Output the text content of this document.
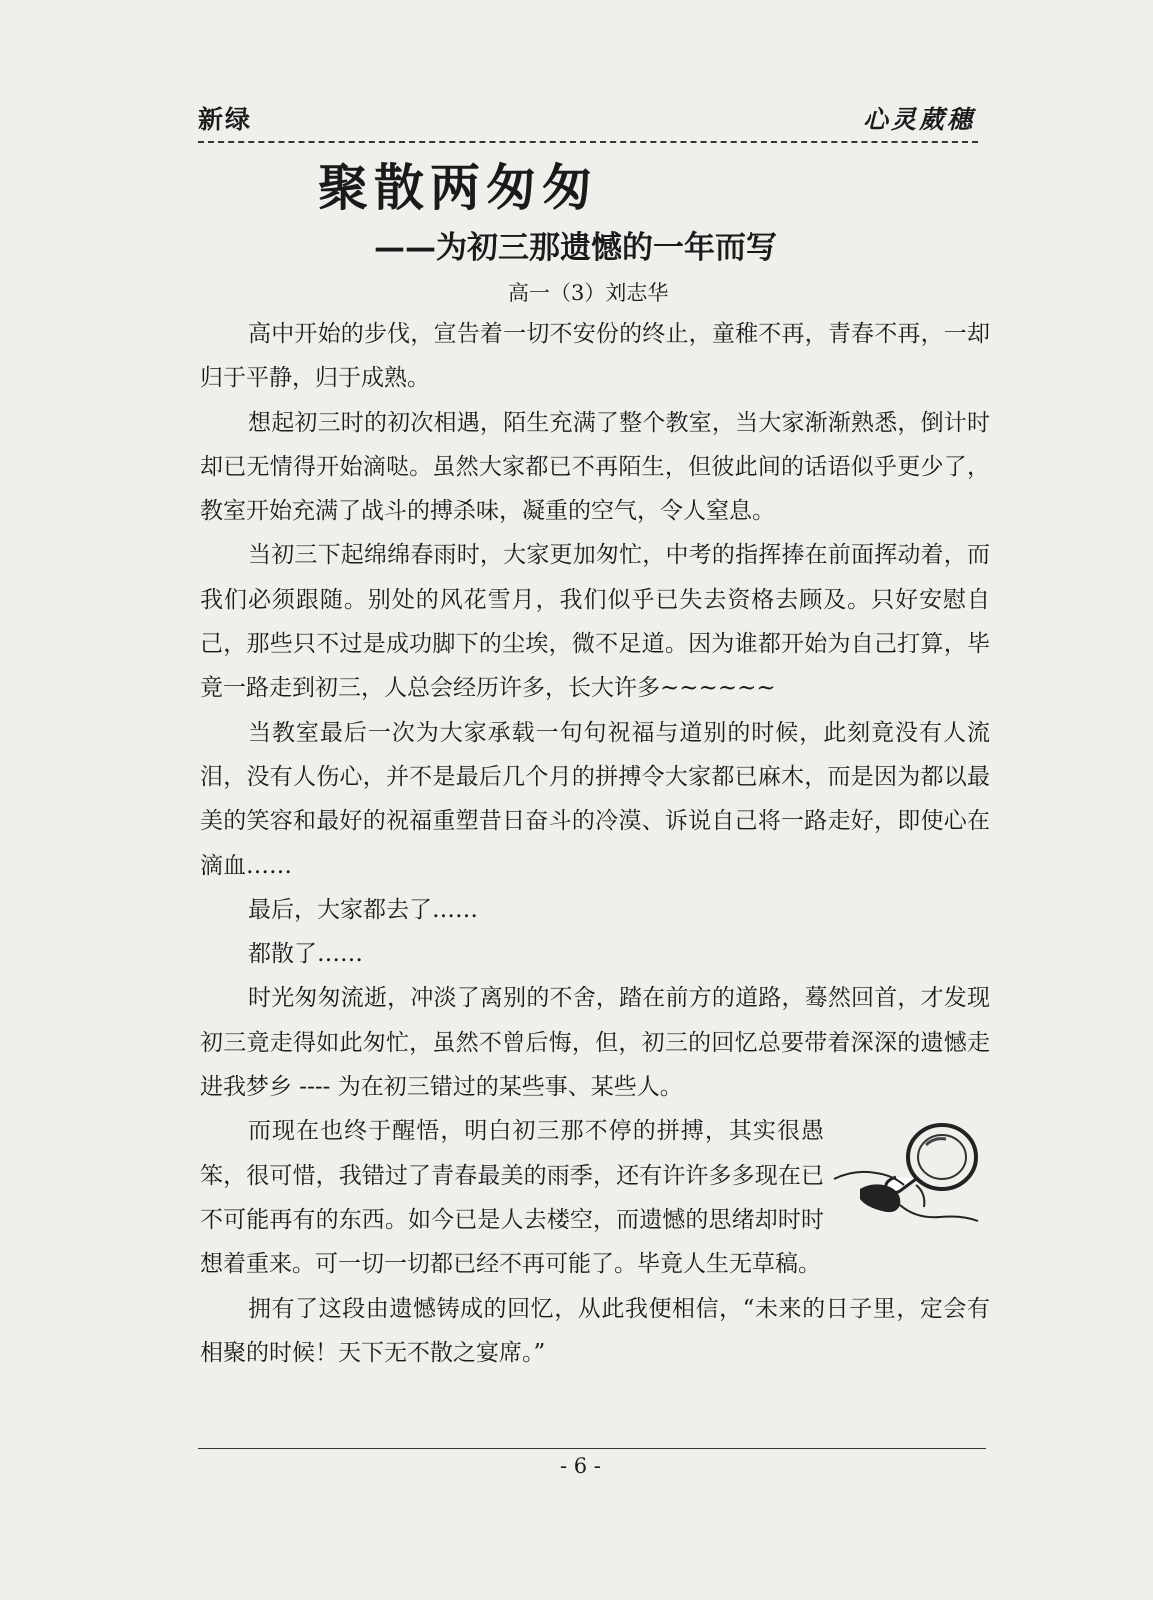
新绿	心灵葳穗
聚散两匆匆
——为初三那遗憾的一年而写
高一（3）刘志华

高中开始的步伐，宣告着一切不安份的终止，童稚不再，青春不再，一却归于平静，归于成熟。

想起初三时的初次相遇，陌生充满了整个教室，当大家渐渐熟悉，倒计时却已无情得开始滴哒。虽然大家都已不再陌生，但彼此间的话语似乎更少了，教室开始充满了战斗的搏杀味，凝重的空气，令人窒息。

当初三下起绵绵春雨时，大家更加匆忙，中考的指挥捧在前面挥动着，而我们必须跟随。别处的风花雪月，我们似乎已失去资格去顾及。只好安慰自己，那些只不过是成功脚下的尘埃，微不足道。因为谁都开始为自己打算，毕竟一路走到初三，人总会经历许多，长大许多~~~~~~

当教室最后一次为大家承载一句句祝福与道别的时候，此刻竟没有人流泪，没有人伤心，并不是最后几个月的拼搏令大家都已麻木，而是因为都以最美的笑容和最好的祝福重塑昔日奋斗的冷漠、诉说自己将一路走好，即使心在滴血……

最后，大家都去了……

都散了……

时光匆匆流逝，冲淡了离别的不舍，踏在前方的道路，蓦然回首，才发现初三竟走得如此匆忙，虽然不曾后悔，但，初三的回忆总要带着深深的遗憾走进我梦乡 ---- 为在初三错过的某些事、某些人。

而现在也终于醒悟，明白初三那不停的拼搏，其实很愚笨，很可惜，我错过了青春最美的雨季，还有许许多多现在已不可能再有的东西。如今已是人去楼空，而遗憾的思绪却时时想着重来。可一切一切都已经不再可能了。毕竟人生无草稿。

拥有了这段由遗憾铸成的回忆，从此我便相信，“未来的日子里，定会有相聚的时候！天下无不散之宴席。”

- 6 -
